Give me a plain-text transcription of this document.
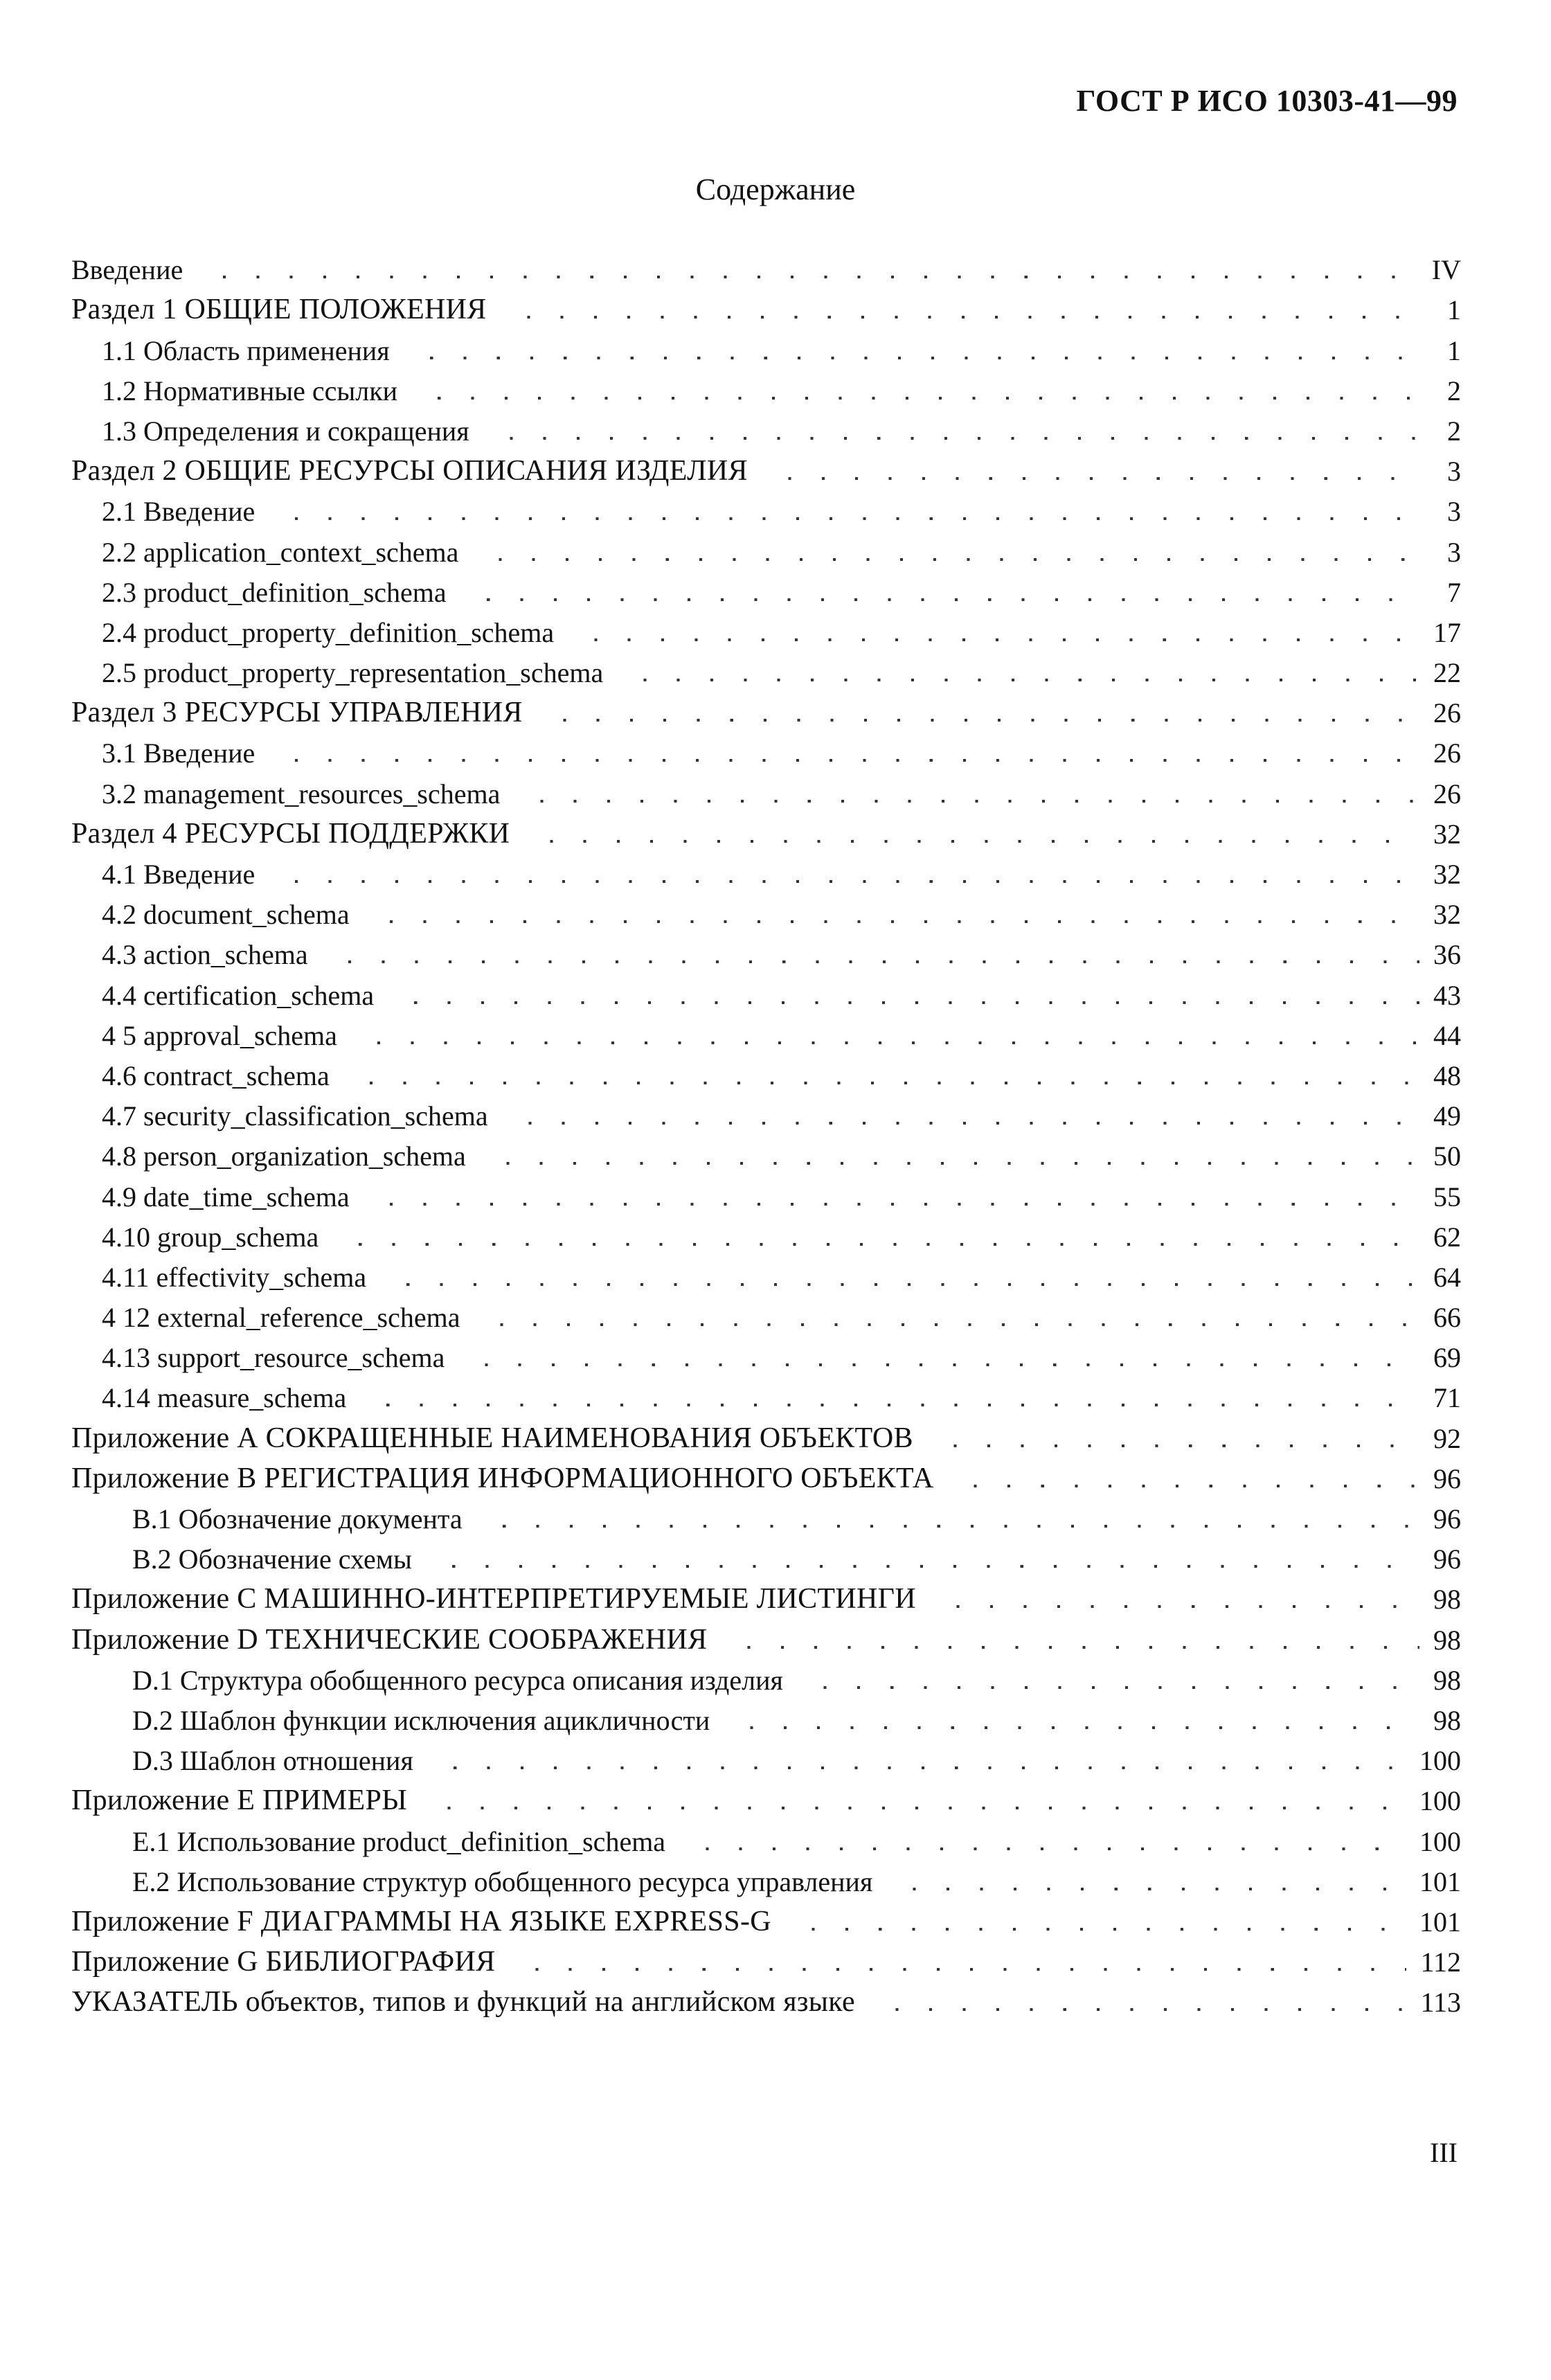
ГОСТ Р ИСО 10303-41—99
Содержание
Введение	IV
Раздел 1 ОБЩИЕ ПОЛОЖЕНИЯ	1
1.1 Область применения	1
1.2 Нормативные ссылки	2
1.3 Определения и сокращения	2
Раздел 2 ОБЩИЕ РЕСУРСЫ ОПИСАНИЯ ИЗДЕЛИЯ	3
2.1 Введение	3
2.2 application_context_schema	3
2.3 product_definition_schema	7
2.4 product_property_definition_schema	17
2.5 product_property_representation_schema	22
Раздел 3 РЕСУРСЫ УПРАВЛЕНИЯ	26
3.1 Введение	26
3.2 management_resources_schema	26
Раздел 4 РЕСУРСЫ ПОДДЕРЖКИ	32
4.1 Введение	32
4.2 document_schema	32
4.3 action_schema	36
4.4 certification_schema	43
4 5 approval_schema	44
4.6 contract_schema	48
4.7 security_classification_schema	49
4.8 person_organization_schema	50
4.9 date_time_schema	55
4.10 group_schema	62
4.11 effectivity_schema	64
4 12 external_reference_schema	66
4.13 support_resource_schema	69
4.14 measure_schema	71
Приложение А СОКРАЩЕННЫЕ НАИМЕНОВАНИЯ ОБЪЕКТОВ	92
Приложение В РЕГИСТРАЦИЯ ИНФОРМАЦИОННОГО ОБЪЕКТА	96
В.1 Обозначение документа	96
В.2 Обозначение схемы	96
Приложение С МАШИННО-ИНТЕРПРЕТИРУЕМЫЕ ЛИСТИНГИ	98
Приложение D ТЕХНИЧЕСКИЕ СООБРАЖЕНИЯ	98
D.1 Структура обобщенного ресурса описания изделия	98
D.2 Шаблон функции исключения ацикличности	98
D.3 Шаблон отношения	100
Приложение Е ПРИМЕРЫ	100
Е.1 Использование product_definition_schema	100
Е.2 Использование структур обобщенного ресурса управления	101
Приложение F ДИАГРАММЫ НА ЯЗЫКЕ EXPRESS-G	101
Приложение G БИБЛИОГРАФИЯ	112
УКАЗАТЕЛЬ объектов, типов и функций на английском языке	113
III
